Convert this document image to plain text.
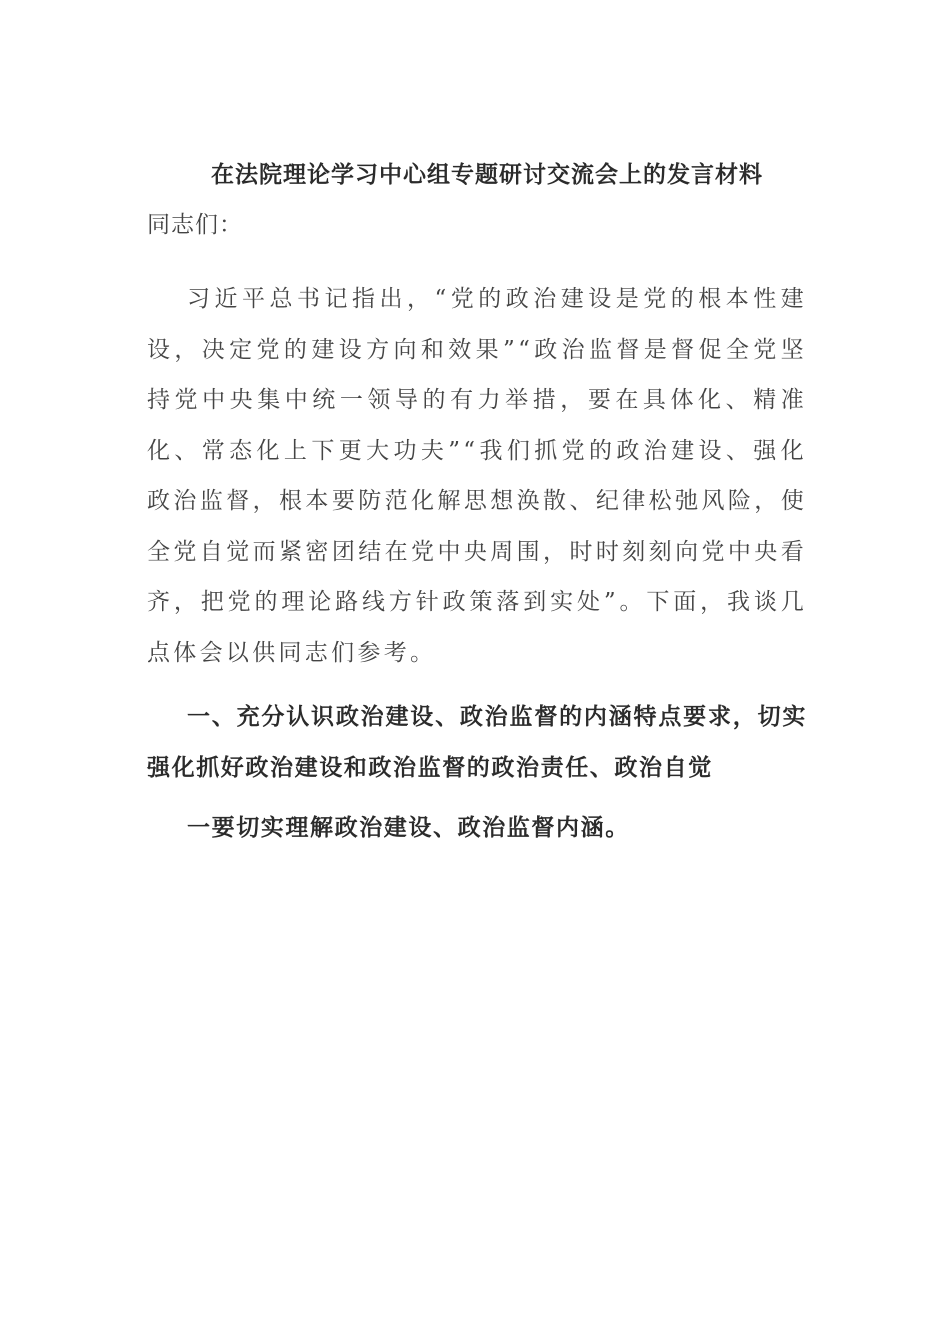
在法院理论学习中心组专题研讨交流会上的发言材料

同志们：

习近平总书记指出，“党的政治建设是党的根本性建设，决定党的建设方向和效果”“政治监督是督促全党坚持党中央集中统一领导的有力举措，要在具体化、精准化、常态化上下更大功夫”“我们抓党的政治建设、强化政治监督，根本要防范化解思想涣散、纪律松弛风险，使全党自觉而紧密团结在党中央周围，时时刻刻向党中央看齐，把党的理论路线方针政策落到实处”。下面，我谈几点体会以供同志们参考。

一、充分认识政治建设、政治监督的内涵特点要求，切实强化抓好政治建设和政治监督的政治责任、政治自觉

一要切实理解政治建设、政治监督内涵。
